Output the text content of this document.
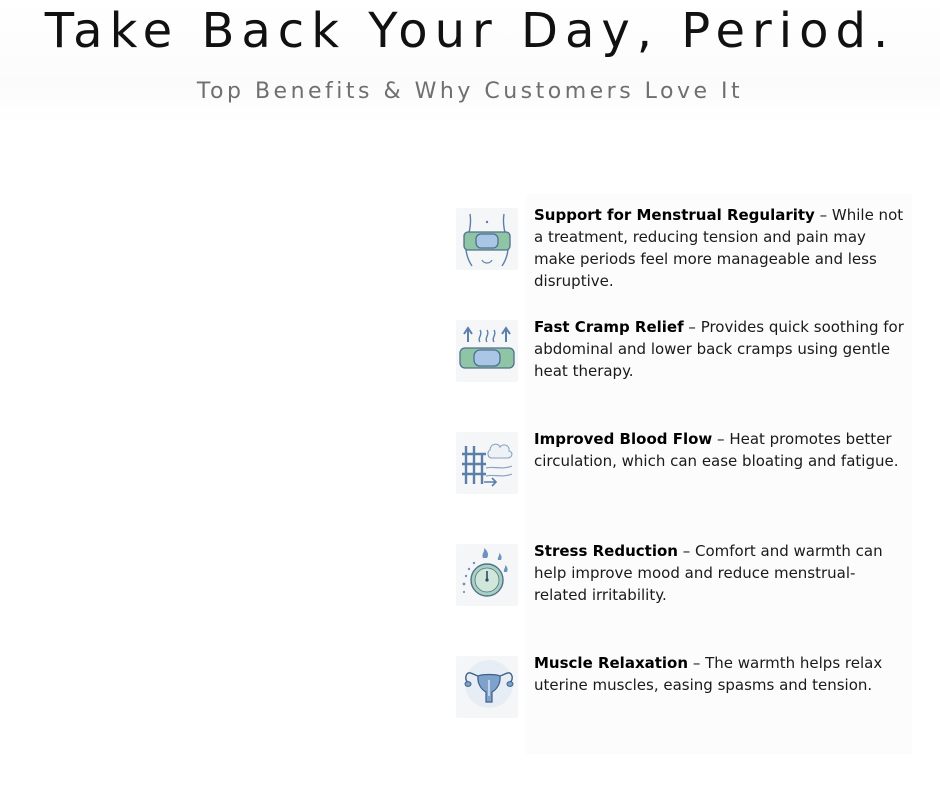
Take Back Your Day, Period.
Top Benefits & Why Customers Love It
Support for Menstrual Regularity – While not a treatment, reducing tension and pain may make periods feel more manageable and less disruptive.
Fast Cramp Relief – Provides quick soothing for abdominal and lower back cramps using gentle heat therapy.
Improved Blood Flow – Heat promotes better circulation, which can ease bloating and fatigue.
Stress Reduction – Comfort and warmth can help improve mood and reduce menstrual-related irritability.
Muscle Relaxation – The warmth helps relax uterine muscles, easing spasms and tension.
